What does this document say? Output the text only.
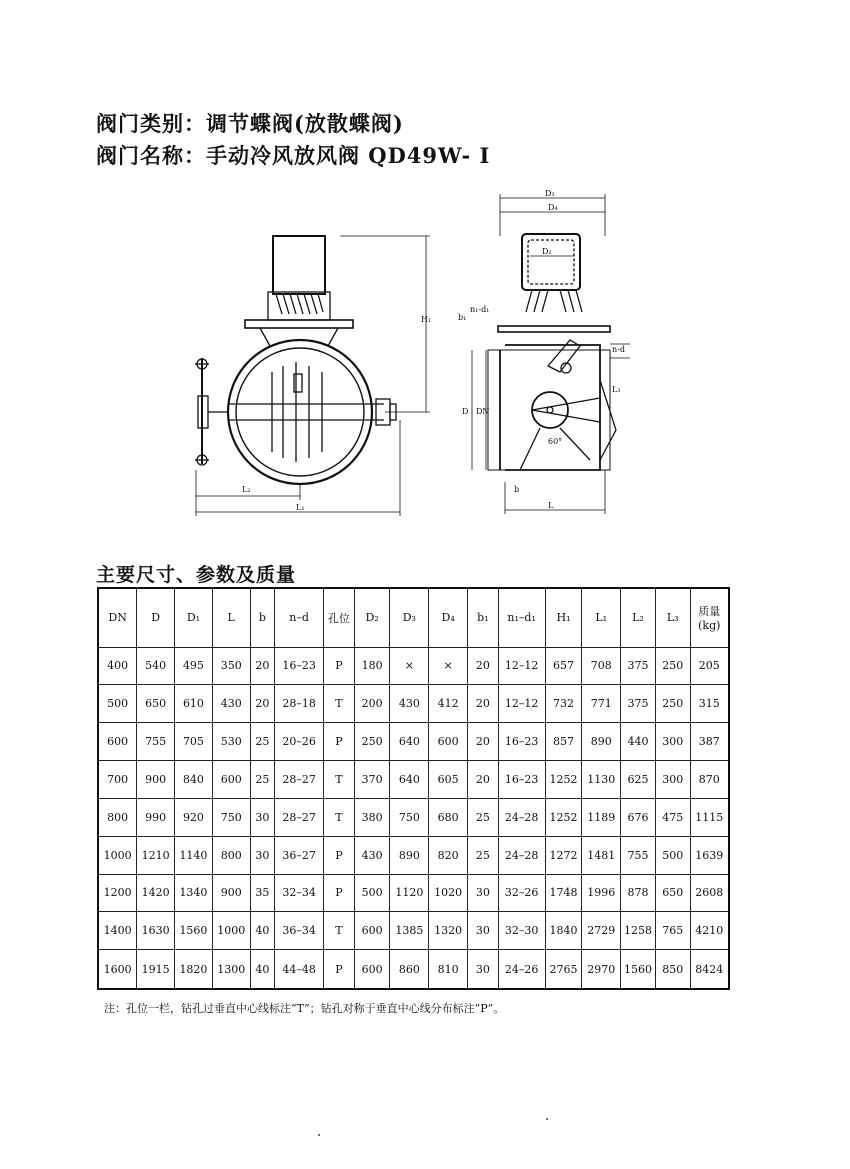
阀门类别：调节蝶阀(放散蝶阀)
阀门名称：手动冷风放风阀 QD49W- I
H₁
L₂
L₁
D₃
D₄
D₂
b₁
n₁-d₁
n-d
D DN
L₃
b
L
60°
主要尺寸、参数及质量
DN	D	D₁	L	b	n–d	孔位	D₂	D₃	D₄	b₁	n₁–d₁	H₁	L₁	L₂	L₃	质量(kg)
400	540	495	350	20	16–23	P	180	×	×	20	12–12	657	708	375	250	205
500	650	610	430	20	28–18	T	200	430	412	20	12–12	732	771	375	250	315
600	755	705	530	25	20–26	P	250	640	600	20	16–23	857	890	440	300	387
700	900	840	600	25	28–27	T	370	640	605	20	16–23	1252	1130	625	300	870
800	990	920	750	30	28–27	T	380	750	680	25	24–28	1252	1189	676	475	1115
1000	1210	1140	800	30	36–27	P	430	890	820	25	24–28	1272	1481	755	500	1639
1200	1420	1340	900	35	32–34	P	500	1120	1020	30	32–26	1748	1996	878	650	2608
1400	1630	1560	1000	40	36–34	T	600	1385	1320	30	32–30	1840	2729	1258	765	4210
1600	1915	1820	1300	40	44–48	P	600	860	810	30	24–26	2765	2970	1560	850	8424
注：孔位一栏，钻孔过垂直中心线标注“T”；钻孔对称于垂直中心线分布标注“P”。
